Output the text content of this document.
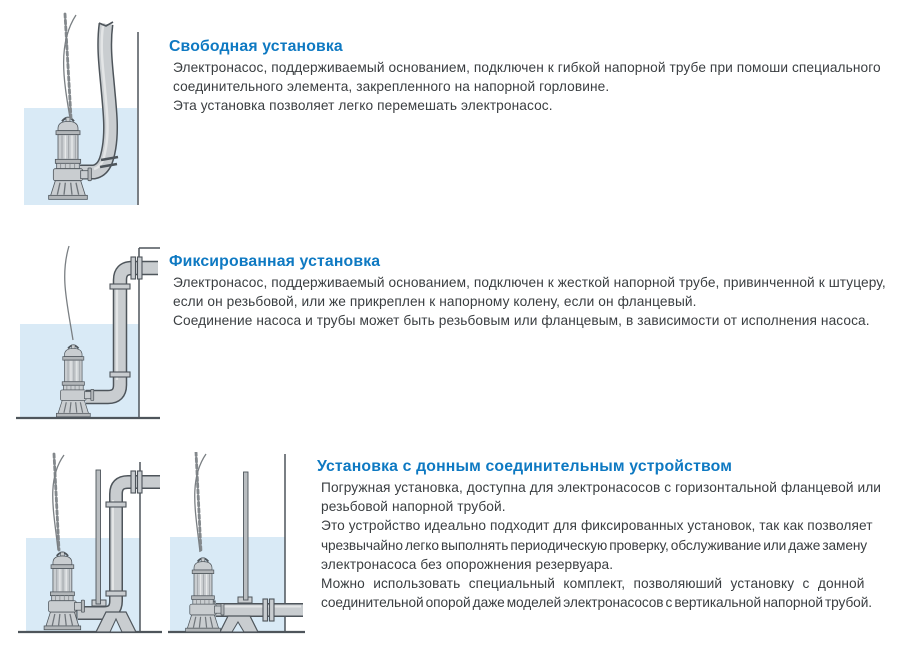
Свободная установка
Электронасос, поддерживаемый основанием, подключен к гибкой напорной трубе при помоши специального
соединительного элемента, закрепленного на напорной горловине.
Эта установка позволяет легко перемешать электронасос.
Фиксированная установка
Электронасос, поддерживаемый основанием, подключен к жесткой напорной трубе, привинченной к штуцеру,
если он резьбовой, или же прикреплен к напорному колену, если он фланцевый.
Соединение насоса и трубы может быть резьбовым или фланцевым, в зависимости от исполнения насоса.
Установка с донным соединительным устройством
Погружная установка, доступна для электронасосов с горизонтальной фланцевой или
резьбовой напорной трубой.
Это устройство идеально подходит для фиксированных установок, так как позволяет
чрезвычайно легко выполнять периодическую проверку, обслуживание или даже замену
электронасоса без опорожнения резервуара.
Можно использовать специальный комплект, позволяюший установку с донной
соединительной опорой даже моделей электронасосов с вертикальной напорной трубой.
